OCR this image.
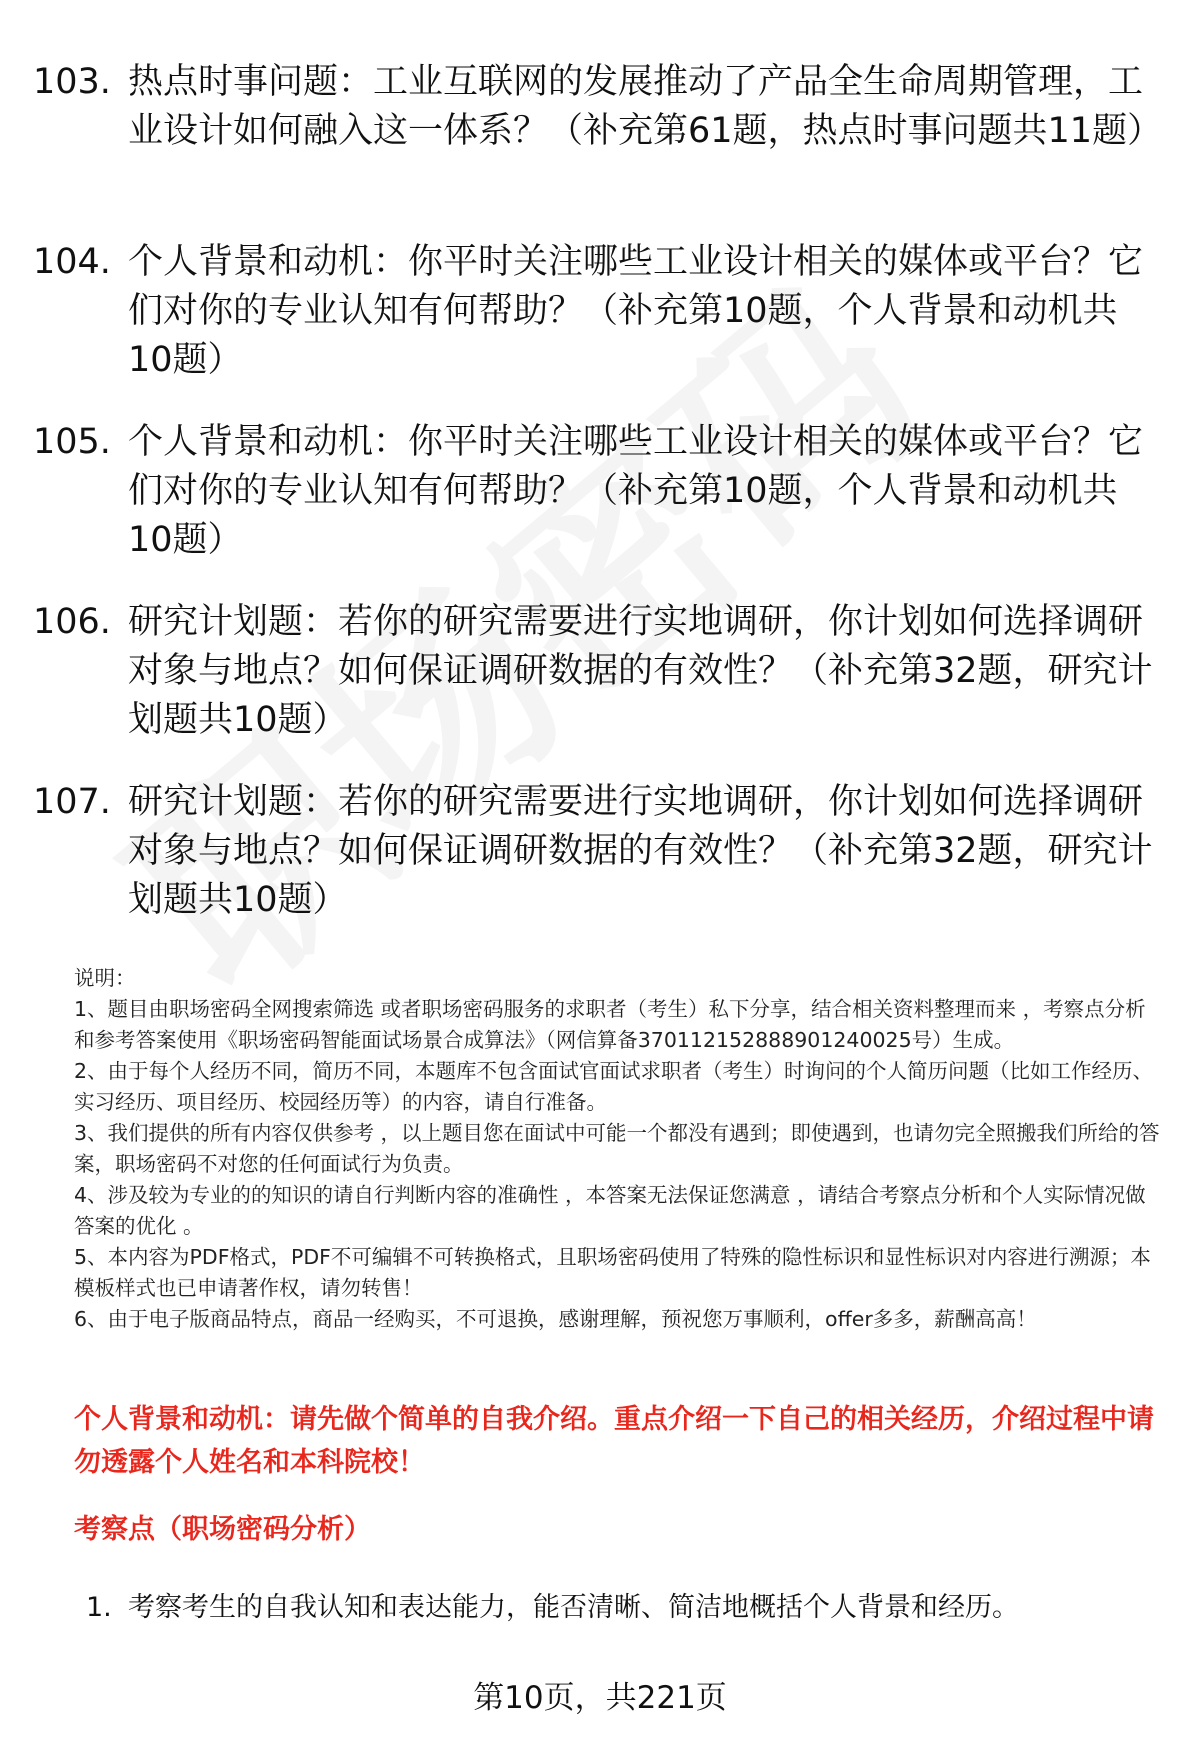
103. 热点时事问题：工业互联网的发展推动了产品全生命周期管理，工业设计如何融入这一体系？（补充第61题，热点时事问题共11题）
104. 个人背景和动机：你平时关注哪些工业设计相关的媒体或平台？它们对你的专业认知有何帮助？（补充第10题，个人背景和动机共10题）
105. 个人背景和动机：你平时关注哪些工业设计相关的媒体或平台？它们对你的专业认知有何帮助？（补充第10题，个人背景和动机共10题）
106. 研究计划题：若你的研究需要进行实地调研，你计划如何选择调研对象与地点？如何保证调研数据的有效性？（补充第32题，研究计划题共10题）
107. 研究计划题：若你的研究需要进行实地调研，你计划如何选择调研对象与地点？如何保证调研数据的有效性？（补充第32题，研究计划题共10题）

说明：

1、题目由职场密码全网搜索筛选 或者职场密码服务的求职者（考生）私下分享，结合相关资料整理而来 ，考察点分析和参考答案使用《职场密码智能面试场景合成算法》（网信算备370112152888901240025号）生成。

2、由于每个人经历不同，简历不同，本题库不包含面试官面试求职者（考生）时询问的个人简历问题（比如工作经历、实习经历、项目经历、校园经历等）的内容，请自行准备。

3、我们提供的所有内容仅供参考 ，以上题目您在面试中可能一个都没有遇到；即使遇到，也请勿完全照搬我们所给的答案，职场密码不对您的任何面试行为负责。

4、涉及较为专业的的知识的请自行判断内容的准确性 ，本答案无法保证您满意 ，请结合考察点分析和个人实际情况做答案的优化 。

5、本内容为PDF格式，PDF不可编辑不可转换格式，且职场密码使用了特殊的隐性标识和显性标识对内容进行溯源；本模板样式也已申请著作权，请勿转售！

6、由于电子版商品特点，商品一经购买，不可退换，感谢理解，预祝您万事顺利，offer多多，薪酬高高！

个人背景和动机：请先做个简单的自我介绍。重点介绍一下自己的相关经历，介绍过程中请勿透露个人姓名和本科院校！
考察点（职场密码分析）
1. 考察考生的自我认知和表达能力，能否清晰、简洁地概括个人背景和经历。
第10页，共221页
